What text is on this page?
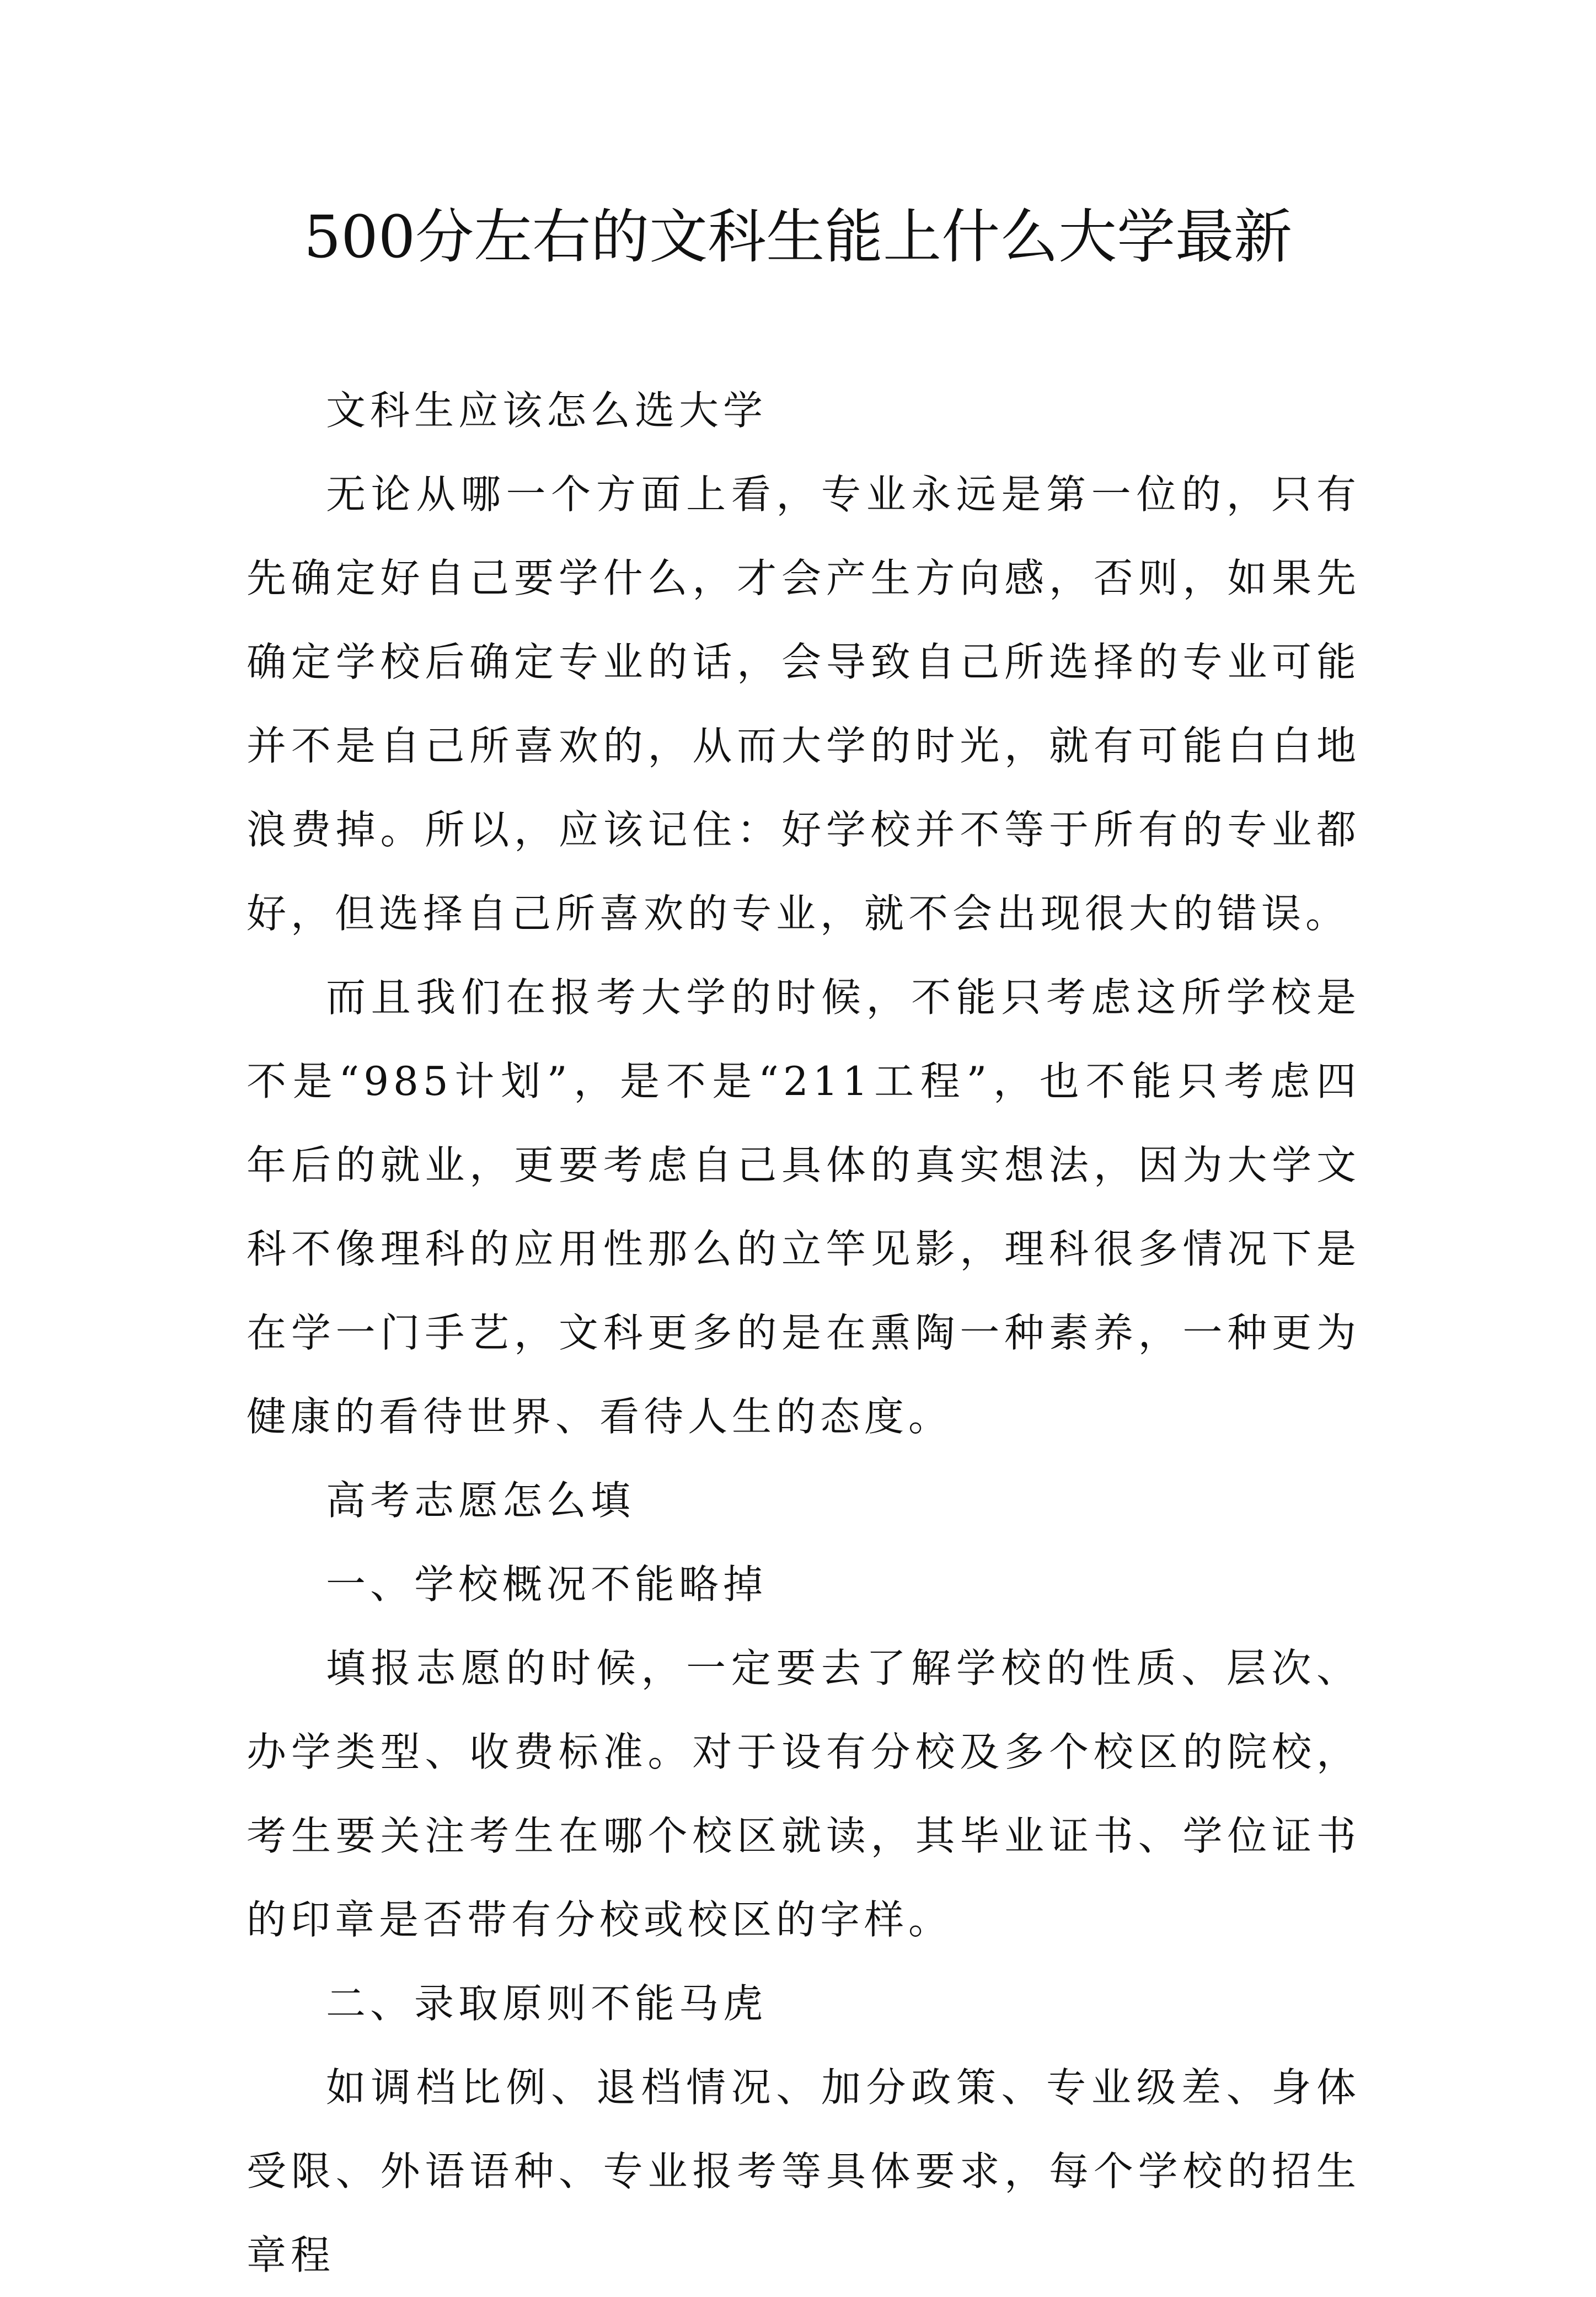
500分左右的文科生能上什么大学最新

文科生应该怎么选大学

无论从哪一个方面上看，专业永远是第一位的，只有先确定好自己要学什么，才会产生方向感，否则，如果先确定学校后确定专业的话，会导致自己所选择的专业可能并不是自己所喜欢的，从而大学的时光，就有可能白白地浪费掉。所以，应该记住：好学校并不等于所有的专业都好，但选择自己所喜欢的专业，就不会出现很大的错误。

而且我们在报考大学的时候，不能只考虑这所学校是不是“985计划”，是不是“211工程”，也不能只考虑四年后的就业，更要考虑自己具体的真实想法，因为大学文科不像理科的应用性那么的立竿见影，理科很多情况下是在学一门手艺，文科更多的是在熏陶一种素养，一种更为健康的看待世界、看待人生的态度。

高考志愿怎么填

一、学校概况不能略掉

填报志愿的时候，一定要去了解学校的性质、层次、办学类型、收费标准。对于设有分校及多个校区的院校，考生要关注考生在哪个校区就读，其毕业证书、学位证书的印章是否带有分校或校区的字样。

二、录取原则不能马虎

如调档比例、退档情况、加分政策、专业级差、身体受限、外语语种、专业报考等具体要求，每个学校的招生章程
